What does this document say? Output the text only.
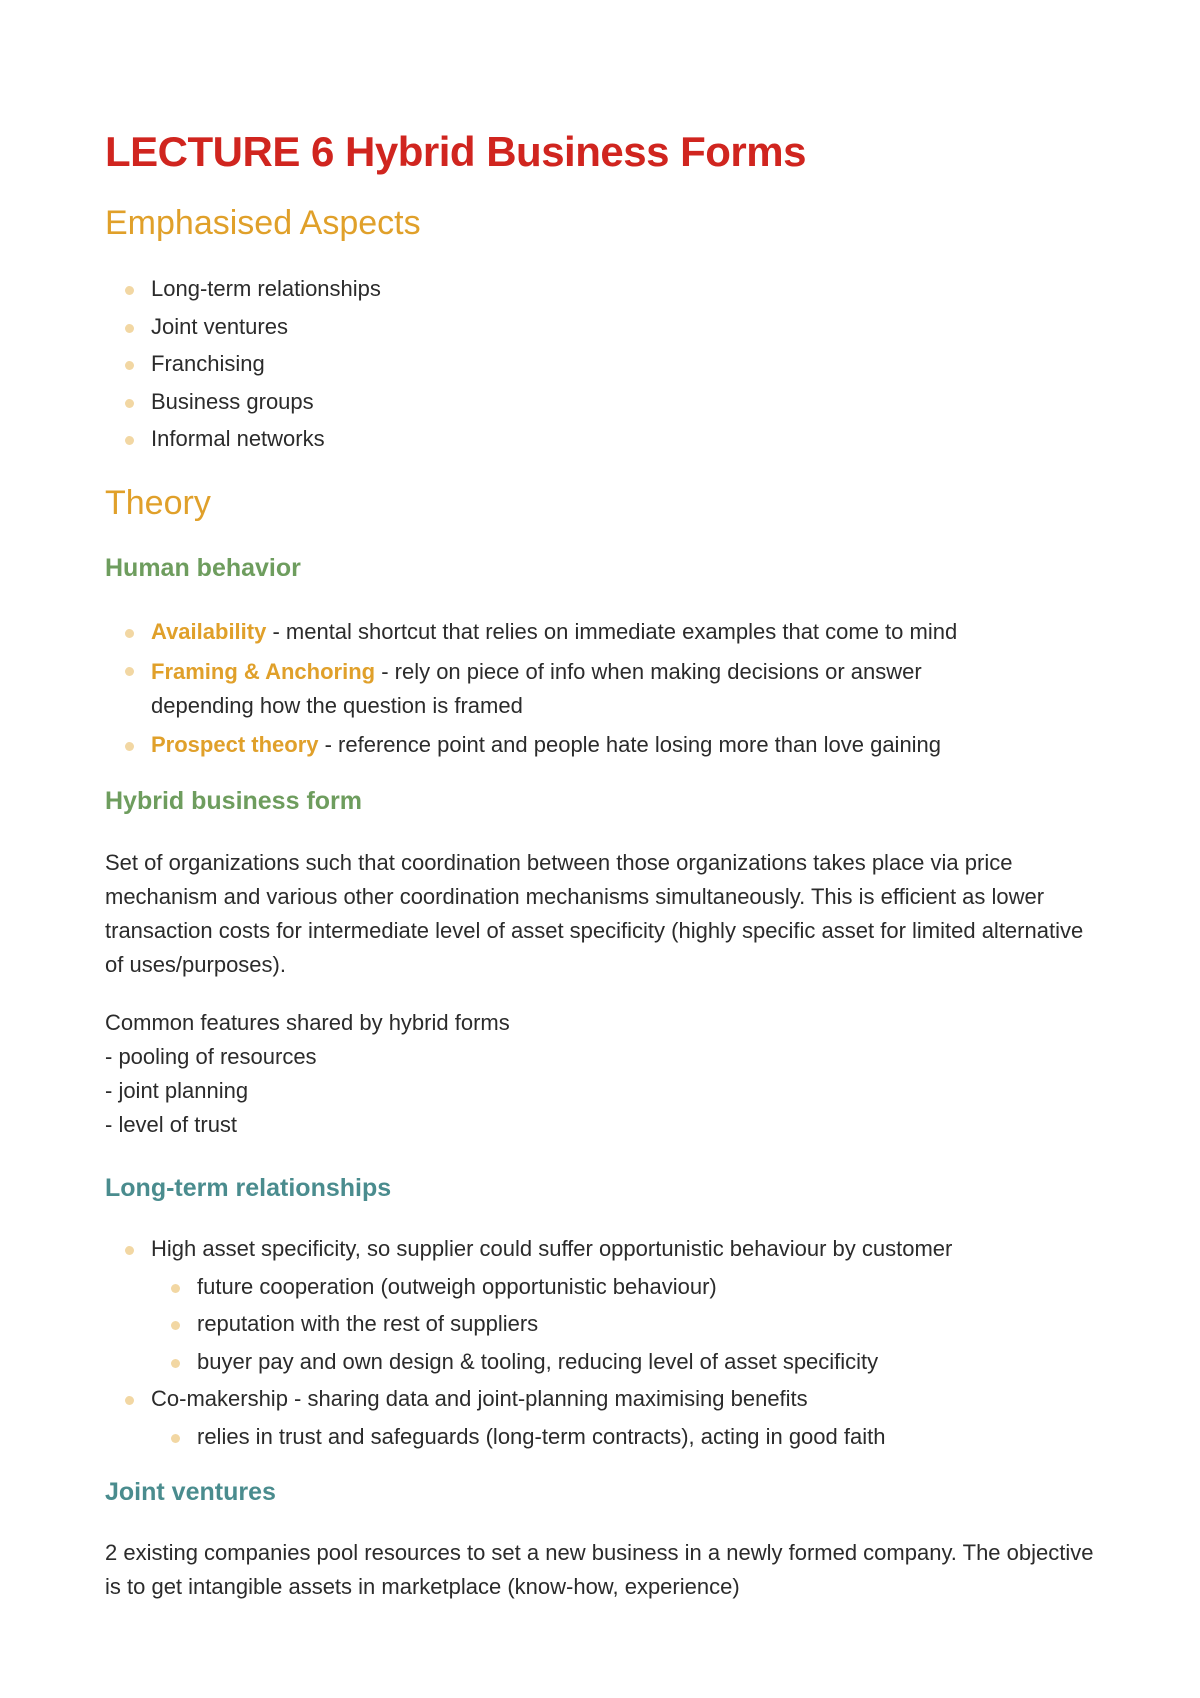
LECTURE 6 Hybrid Business Forms
Emphasised Aspects
Long-term relationships
Joint ventures
Franchising
Business groups
Informal networks
Theory
Human behavior
Availability - mental shortcut that relies on immediate examples that come to mind
Framing & Anchoring - rely on piece of info when making decisions or answer depending how the question is framed
Prospect theory - reference point and people hate losing more than love gaining
Hybrid business form

Set of organizations such that coordination between those organizations takes place via price mechanism and various other coordination mechanisms simultaneously. This is efficient as lower transaction costs for intermediate level of asset specificity (highly specific asset for limited alternative of uses/purposes).

Common features shared by hybrid forms
- pooling of resources
- joint planning
- level of trust
Long-term relationships
High asset specificity, so supplier could suffer opportunistic behaviour by customer
future cooperation (outweigh opportunistic behaviour)
reputation with the rest of suppliers
buyer pay and own design & tooling, reducing level of asset specificity
Co-makership - sharing data and joint-planning maximising benefits
relies in trust and safeguards (long-term contracts), acting in good faith
Joint ventures

2 existing companies pool resources to set a new business in a newly formed company. The objective is to get intangible assets in marketplace (know-how, experience)
